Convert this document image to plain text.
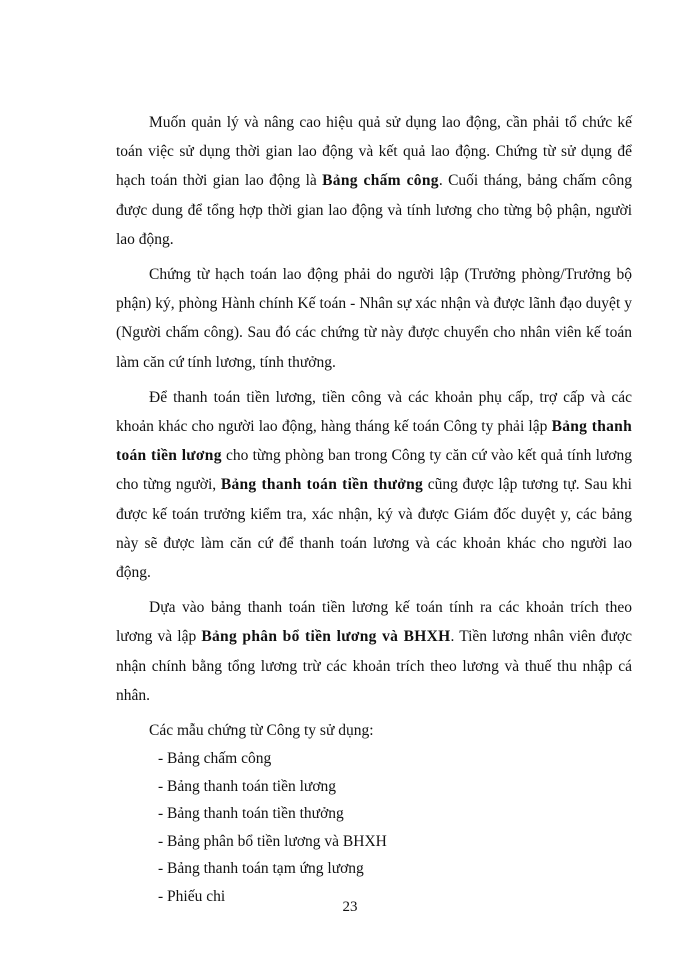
Muốn quản lý và nâng cao hiệu quả sử dụng lao động, cần phải tổ chức kế toán việc sử dụng thời gian lao động và kết quả lao động. Chứng từ sử dụng để hạch toán thời gian lao động là Bảng chấm công. Cuối tháng, bảng chấm công được dung để tổng hợp thời gian lao động và tính lương cho từng bộ phận, người lao động.

Chứng từ hạch toán lao động phải do người lập (Trưởng phòng/Trưởng bộ phận) ký, phòng Hành chính Kế toán - Nhân sự xác nhận và được lãnh đạo duyệt y (Người chấm công). Sau đó các chứng từ này được chuyển cho nhân viên kế toán làm căn cứ tính lương, tính thưởng.

Để thanh toán tiền lương, tiền công và các khoản phụ cấp, trợ cấp và các khoản khác cho người lao động, hàng tháng kế toán Công ty phải lập Bảng thanh toán tiền lương cho từng phòng ban trong Công ty căn cứ vào kết quả tính lương cho từng người, Bảng thanh toán tiền thưởng cũng được lập tương tự. Sau khi được kế toán trưởng kiểm tra, xác nhận, ký và được Giám đốc duyệt y, các bảng này sẽ được làm căn cứ để thanh toán lương và các khoản khác cho người lao động.

Dựa vào bảng thanh toán tiền lương kế toán tính ra các khoản trích theo lương và lập Bảng phân bổ tiền lương và BHXH. Tiền lương nhân viên được nhận chính bằng tổng lương trừ các khoản trích theo lương và thuế thu nhập cá nhân.

Các mẫu chứng từ Công ty sử dụng:

- Bảng chấm công
- Bảng thanh toán tiền lương
- Bảng thanh toán tiền thưởng
- Bảng phân bổ tiền lương và BHXH
- Bảng thanh toán tạm ứng lương
- Phiếu chi
23
